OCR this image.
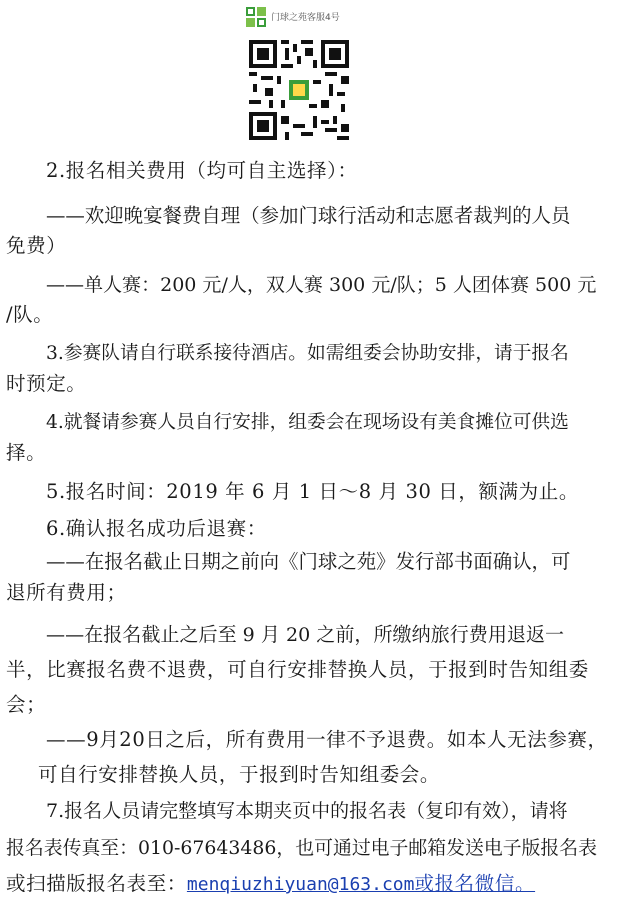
门球之苑客服4号
2.报名相关费用（均可自主选择）：
——欢迎晚宴餐费自理（参加门球行活动和志愿者裁判的人员
免费）
——单人赛：200 元/人，双人赛 300 元/队；5 人团体赛 500 元
/队。
3.参赛队请自行联系接待酒店。如需组委会协助安排，请于报名
时预定。
4.就餐请参赛人员自行安排，组委会在现场设有美食摊位可供选
择。
5.报名时间：2019 年 6 月 1 日～8 月 30 日，额满为止。
6.确认报名成功后退赛：
——在报名截止日期之前向《门球之苑》发行部书面确认，可
退所有费用；
——在报名截止之后至 9 月 20 之前，所缴纳旅行费用退返一
半，比赛报名费不退费，可自行安排替换人员，于报到时告知组委
会；
——9月20日之后，所有费用一律不予退费。如本人无法参赛，
可自行安排替换人员，于报到时告知组委会。
7.报名人员请完整填写本期夹页中的报名表（复印有效），请将
报名表传真至：010-67643486，也可通过电子邮箱发送电子版报名表
或扫描版报名表至：menqiuzhiyuan@163.com或报名微信。
